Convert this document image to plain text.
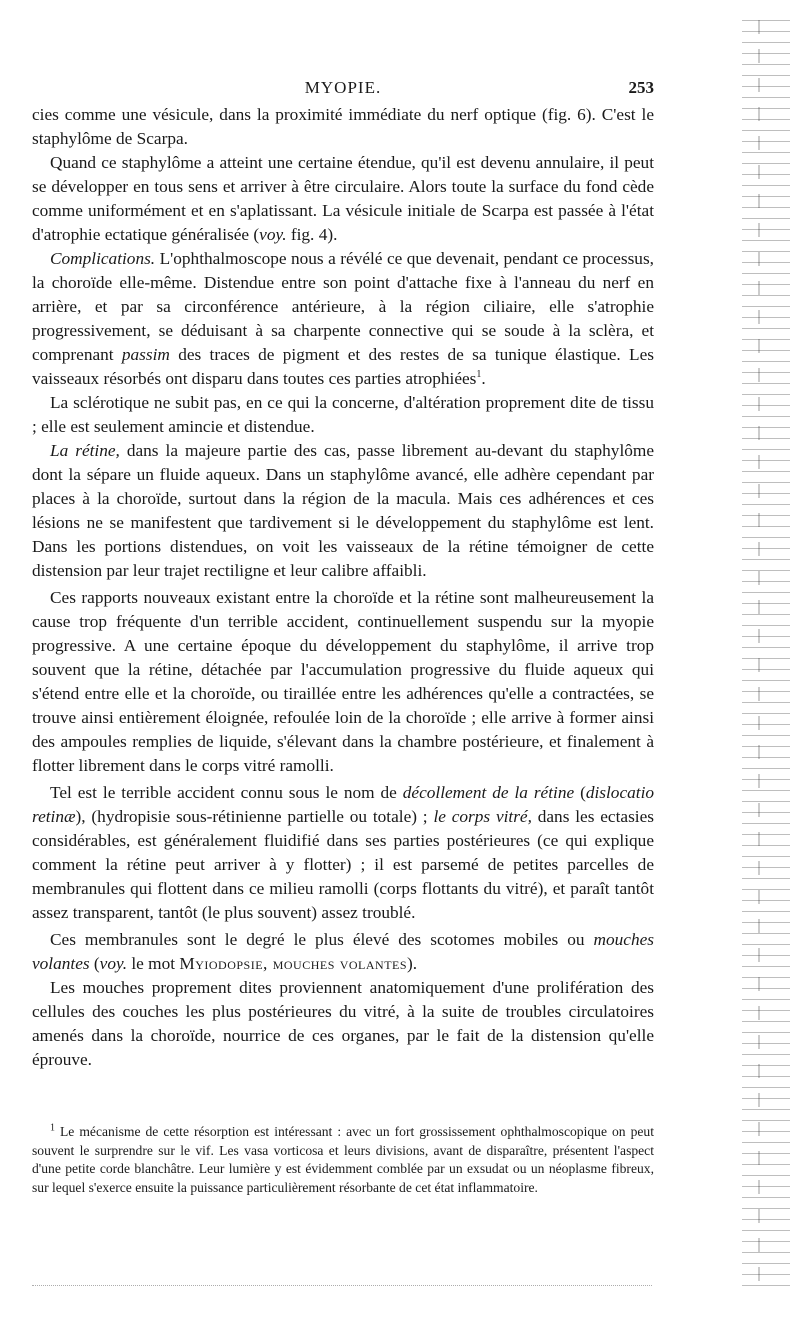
MYOPIE.	253

cies comme une vésicule, dans la proximité immédiate du nerf optique (fig. 6). C'est le staphylôme de Scarpa.

Quand ce staphylôme a atteint une certaine étendue, qu'il est devenu annulaire, il peut se développer en tous sens et arriver à être circulaire. Alors toute la surface du fond cède comme uniformément et en s'aplatissant. La vésicule initiale de Scarpa est passée à l'état d'atrophie ectatique généralisée (voy. fig. 4).

Complications. L'ophthalmoscope nous a révélé ce que devenait, pendant ce processus, la choroïde elle-même. Distendue entre son point d'attache fixe à l'anneau du nerf en arrière, et par sa circonférence antérieure, à la région ciliaire, elle s'atrophie progressivement, se déduisant à sa charpente connective qui se soude à la sclèra, et comprenant passim des traces de pigment et des restes de sa tunique élastique. Les vaisseaux résorbés ont disparu dans toutes ces parties atrophiées$^1$.

La sclérotique ne subit pas, en ce qui la concerne, d'altération proprement dite de tissu ; elle est seulement amincie et distendue.

La rétine, dans la majeure partie des cas, passe librement au-devant du staphylôme dont la sépare un fluide aqueux. Dans un staphylôme avancé, elle adhère cependant par places à la choroïde, surtout dans la région de la macula. Mais ces adhérences et ces lésions ne se manifestent que tardivement si le développement du staphylôme est lent. Dans les portions distendues, on voit les vaisseaux de la rétine témoigner de cette distension par leur trajet rectiligne et leur calibre affaibli.

Ces rapports nouveaux existant entre la choroïde et la rétine sont malheureusement la cause trop fréquente d'un terrible accident, continuellement suspendu sur la myopie progressive. A une certaine époque du développement du staphylôme, il arrive trop souvent que la rétine, détachée par l'accumulation progressive du fluide aqueux qui s'étend entre elle et la choroïde, ou tiraillée entre les adhérences qu'elle a contractées, se trouve ainsi entièrement éloignée, refoulée loin de la choroïde ; elle arrive à former ainsi des ampoules remplies de liquide, s'élevant dans la chambre postérieure, et finalement à flotter librement dans le corps vitré ramolli.

Tel est le terrible accident connu sous le nom de décollement de la rétine (dislocatio retinæ), (hydropisie sous-rétinienne partielle ou totale) ; le corps vitré, dans les ectasies considérables, est généralement fluidifié dans ses parties postérieures (ce qui explique comment la rétine peut arriver à y flotter) ; il est parsemé de petites parcelles de membranules qui flottent dans ce milieu ramolli (corps flottants du vitré), et paraît tantôt assez transparent, tantôt (le plus souvent) assez troublé.

Ces membranules sont le degré le plus élevé des scotomes mobiles ou mouches volantes (voy. le mot Myiodopsie, mouches volantes).

Les mouches proprement dites proviennent anatomiquement d'une prolifération des cellules des couches les plus postérieures du vitré, à la suite de troubles circulatoires amenés dans la choroïde, nourrice de ces organes, par le fait de la distension qu'elle éprouve.

$^1$ Le mécanisme de cette résorption est intéressant : avec un fort grossissement ophthalmoscopique on peut souvent le surprendre sur le vif. Les vasa vorticosa et leurs divisions, avant de disparaître, présentent l'aspect d'une petite corde blanchâtre. Leur lumière y est évidemment comblée par un exsudat ou un néoplasme fibreux, sur lequel s'exerce ensuite la puissance particulièrement résorbante de cet état inflammatoire.
